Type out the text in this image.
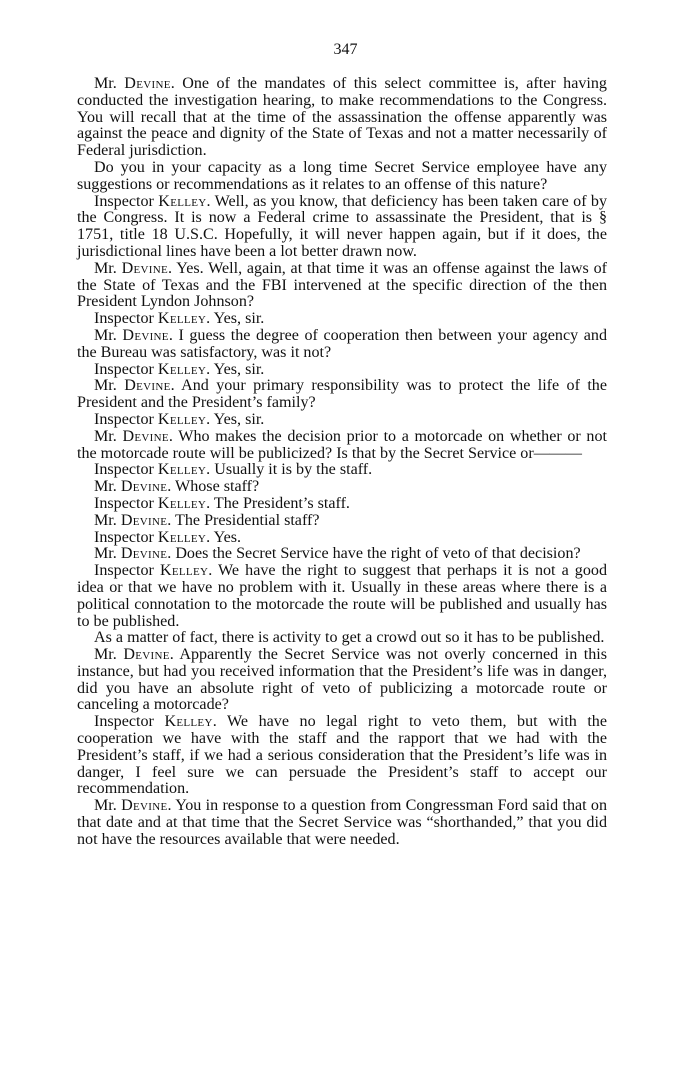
347

Mr. Devine. One of the mandates of this select committee is, after having conducted the investigation hearing, to make recommendations to the Congress. You will recall that at the time of the assassination the offense apparently was against the peace and dignity of the State of Texas and not a matter necessarily of Federal jurisdiction.

Do you in your capacity as a long time Secret Service employee have any suggestions or recommendations as it relates to an offense of this nature?

Inspector Kelley. Well, as you know, that deficiency has been taken care of by the Congress. It is now a Federal crime to assassinate the President, that is § 1751, title 18 U.S.C. Hopefully, it will never happen again, but if it does, the jurisdictional lines have been a lot better drawn now.

Mr. Devine. Yes. Well, again, at that time it was an offense against the laws of the State of Texas and the FBI intervened at the specific direction of the then President Lyndon Johnson?

Inspector Kelley. Yes, sir.

Mr. Devine. I guess the degree of cooperation then between your agency and the Bureau was satisfactory, was it not?

Inspector Kelley. Yes, sir.

Mr. Devine. And your primary responsibility was to protect the life of the President and the President’s family?

Inspector Kelley. Yes, sir.

Mr. Devine. Who makes the decision prior to a motorcade on whether or not the motorcade route will be publicized? Is that by the Secret Service or———

Inspector Kelley. Usually it is by the staff.

Mr. Devine. Whose staff?

Inspector Kelley. The President’s staff.

Mr. Devine. The Presidential staff?

Inspector Kelley. Yes.

Mr. Devine. Does the Secret Service have the right of veto of that decision?

Inspector Kelley. We have the right to suggest that perhaps it is not a good idea or that we have no problem with it. Usually in these areas where there is a political connotation to the motorcade the route will be published and usually has to be published.

As a matter of fact, there is activity to get a crowd out so it has to be published.

Mr. Devine. Apparently the Secret Service was not overly concerned in this instance, but had you received information that the President’s life was in danger, did you have an absolute right of veto of publicizing a motorcade route or canceling a motorcade?

Inspector Kelley. We have no legal right to veto them, but with the cooperation we have with the staff and the rapport that we had with the President’s staff, if we had a serious consideration that the President’s life was in danger, I feel sure we can persuade the President’s staff to accept our recommendation.

Mr. Devine. You in response to a question from Congressman Ford said that on that date and at that time that the Secret Service was “shorthanded,” that you did not have the resources available that were needed.
